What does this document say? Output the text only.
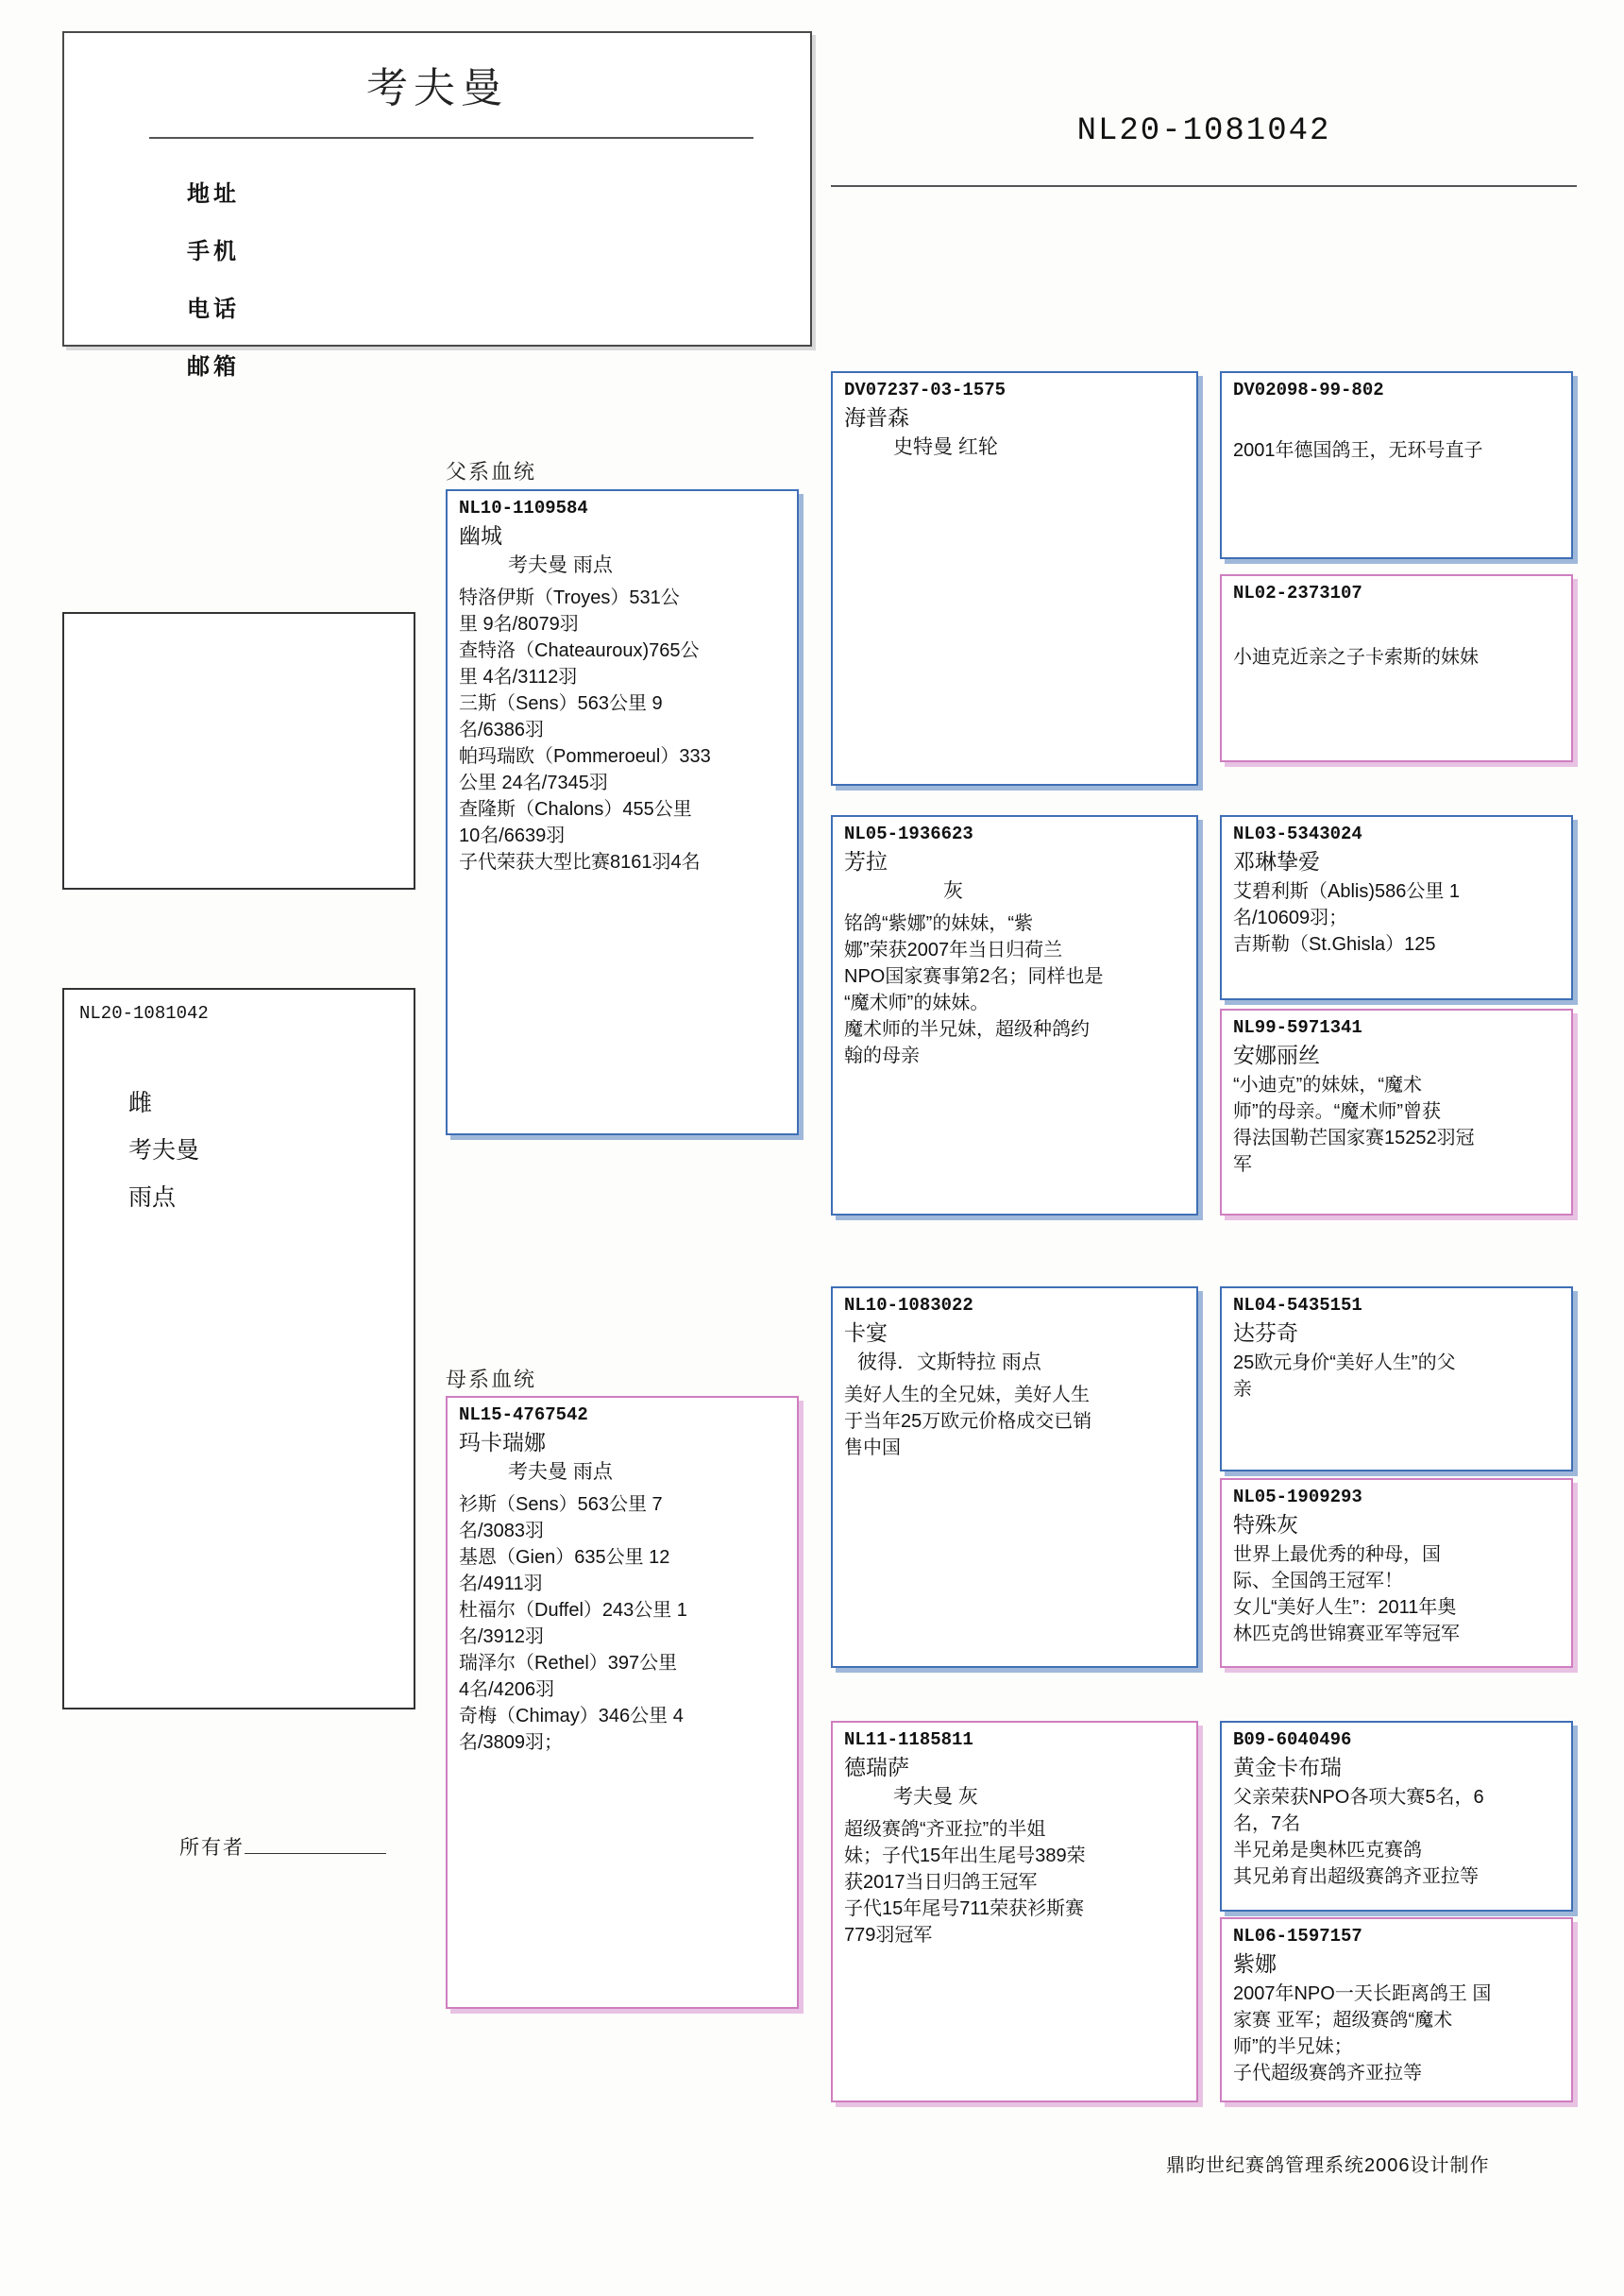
考夫曼
地址
手机
电话
邮箱
NL20-1081042
NL20-1081042
雌
考夫曼
雨点
所有者
父系血统
母系血统
NL10-1109584
幽城
考夫曼 雨点

特洛伊斯（Troyes）531公

里 9名/8079羽

查特洛（Chateauroux)765公

里 4名/3112羽

三斯（Sens）563公里 9

名/6386羽

帕玛瑞欧（Pommeroeul）333

公里 24名/7345羽

查隆斯（Chalons）455公里

10名/6639羽

子代荣获大型比赛8161羽4名

NL15-4767542
玛卡瑞娜
考夫曼 雨点

衫斯（Sens）563公里 7

名/3083羽

基恩（Gien）635公里 12

名/4911羽

杜福尔（Duffel）243公里 1

名/3912羽

瑞泽尔（Rethel）397公里

4名/4206羽

奇梅（Chimay）346公里 4

名/3809羽；

DV07237-03-1575
海普森
史特曼 红轮
NL05-1936623
芳拉
灰

铭鸽“紫娜”的妹妹，“紫

娜”荣获2007年当日归荷兰

NPO国家赛事第2名；同样也是

“魔术师”的妹妹。

魔术师的半兄妹，超级种鸽约

翰的母亲

NL10-1083022
卡宴
彼得．文斯特拉 雨点

美好人生的全兄妹，美好人生

于当年25万欧元价格成交已销

售中国

NL11-1185811
德瑞萨
考夫曼 灰

超级赛鸽“齐亚拉”的半姐

妹；子代15年出生尾号389荣

获2017当日归鸽王冠军

子代15年尾号711荣获衫斯赛

779羽冠军

DV02098-99-802

2001年德国鸽王，无环号直子

NL02-2373107

小迪克近亲之子卡索斯的妹妹

NL03-5343024
邓琳挚爱

艾碧利斯（Ablis)586公里 1

名/10609羽；

吉斯勒（St.Ghisla）125

NL99-5971341
安娜丽丝

“小迪克”的妹妹，“魔术

师”的母亲。“魔术师”曾获

得法国勒芒国家赛15252羽冠

军

NL04-5435151
达芬奇

25欧元身价“美好人生”的父

亲

NL05-1909293
特殊灰

世界上最优秀的种母，国

际、全国鸽王冠军！

女儿“美好人生”：2011年奥

林匹克鸽世锦赛亚军等冠军

B09-6040496
黄金卡布瑞

父亲荣获NPO各项大赛5名，6

名，7名

半兄弟是奥林匹克赛鸽

其兄弟育出超级赛鸽齐亚拉等

NL06-1597157
紫娜

2007年NPO一天长距离鸽王 国

家赛 亚军；超级赛鸽“魔术

师”的半兄妹；

子代超级赛鸽齐亚拉等

鼎昀世纪赛鸽管理系统2006设计制作
